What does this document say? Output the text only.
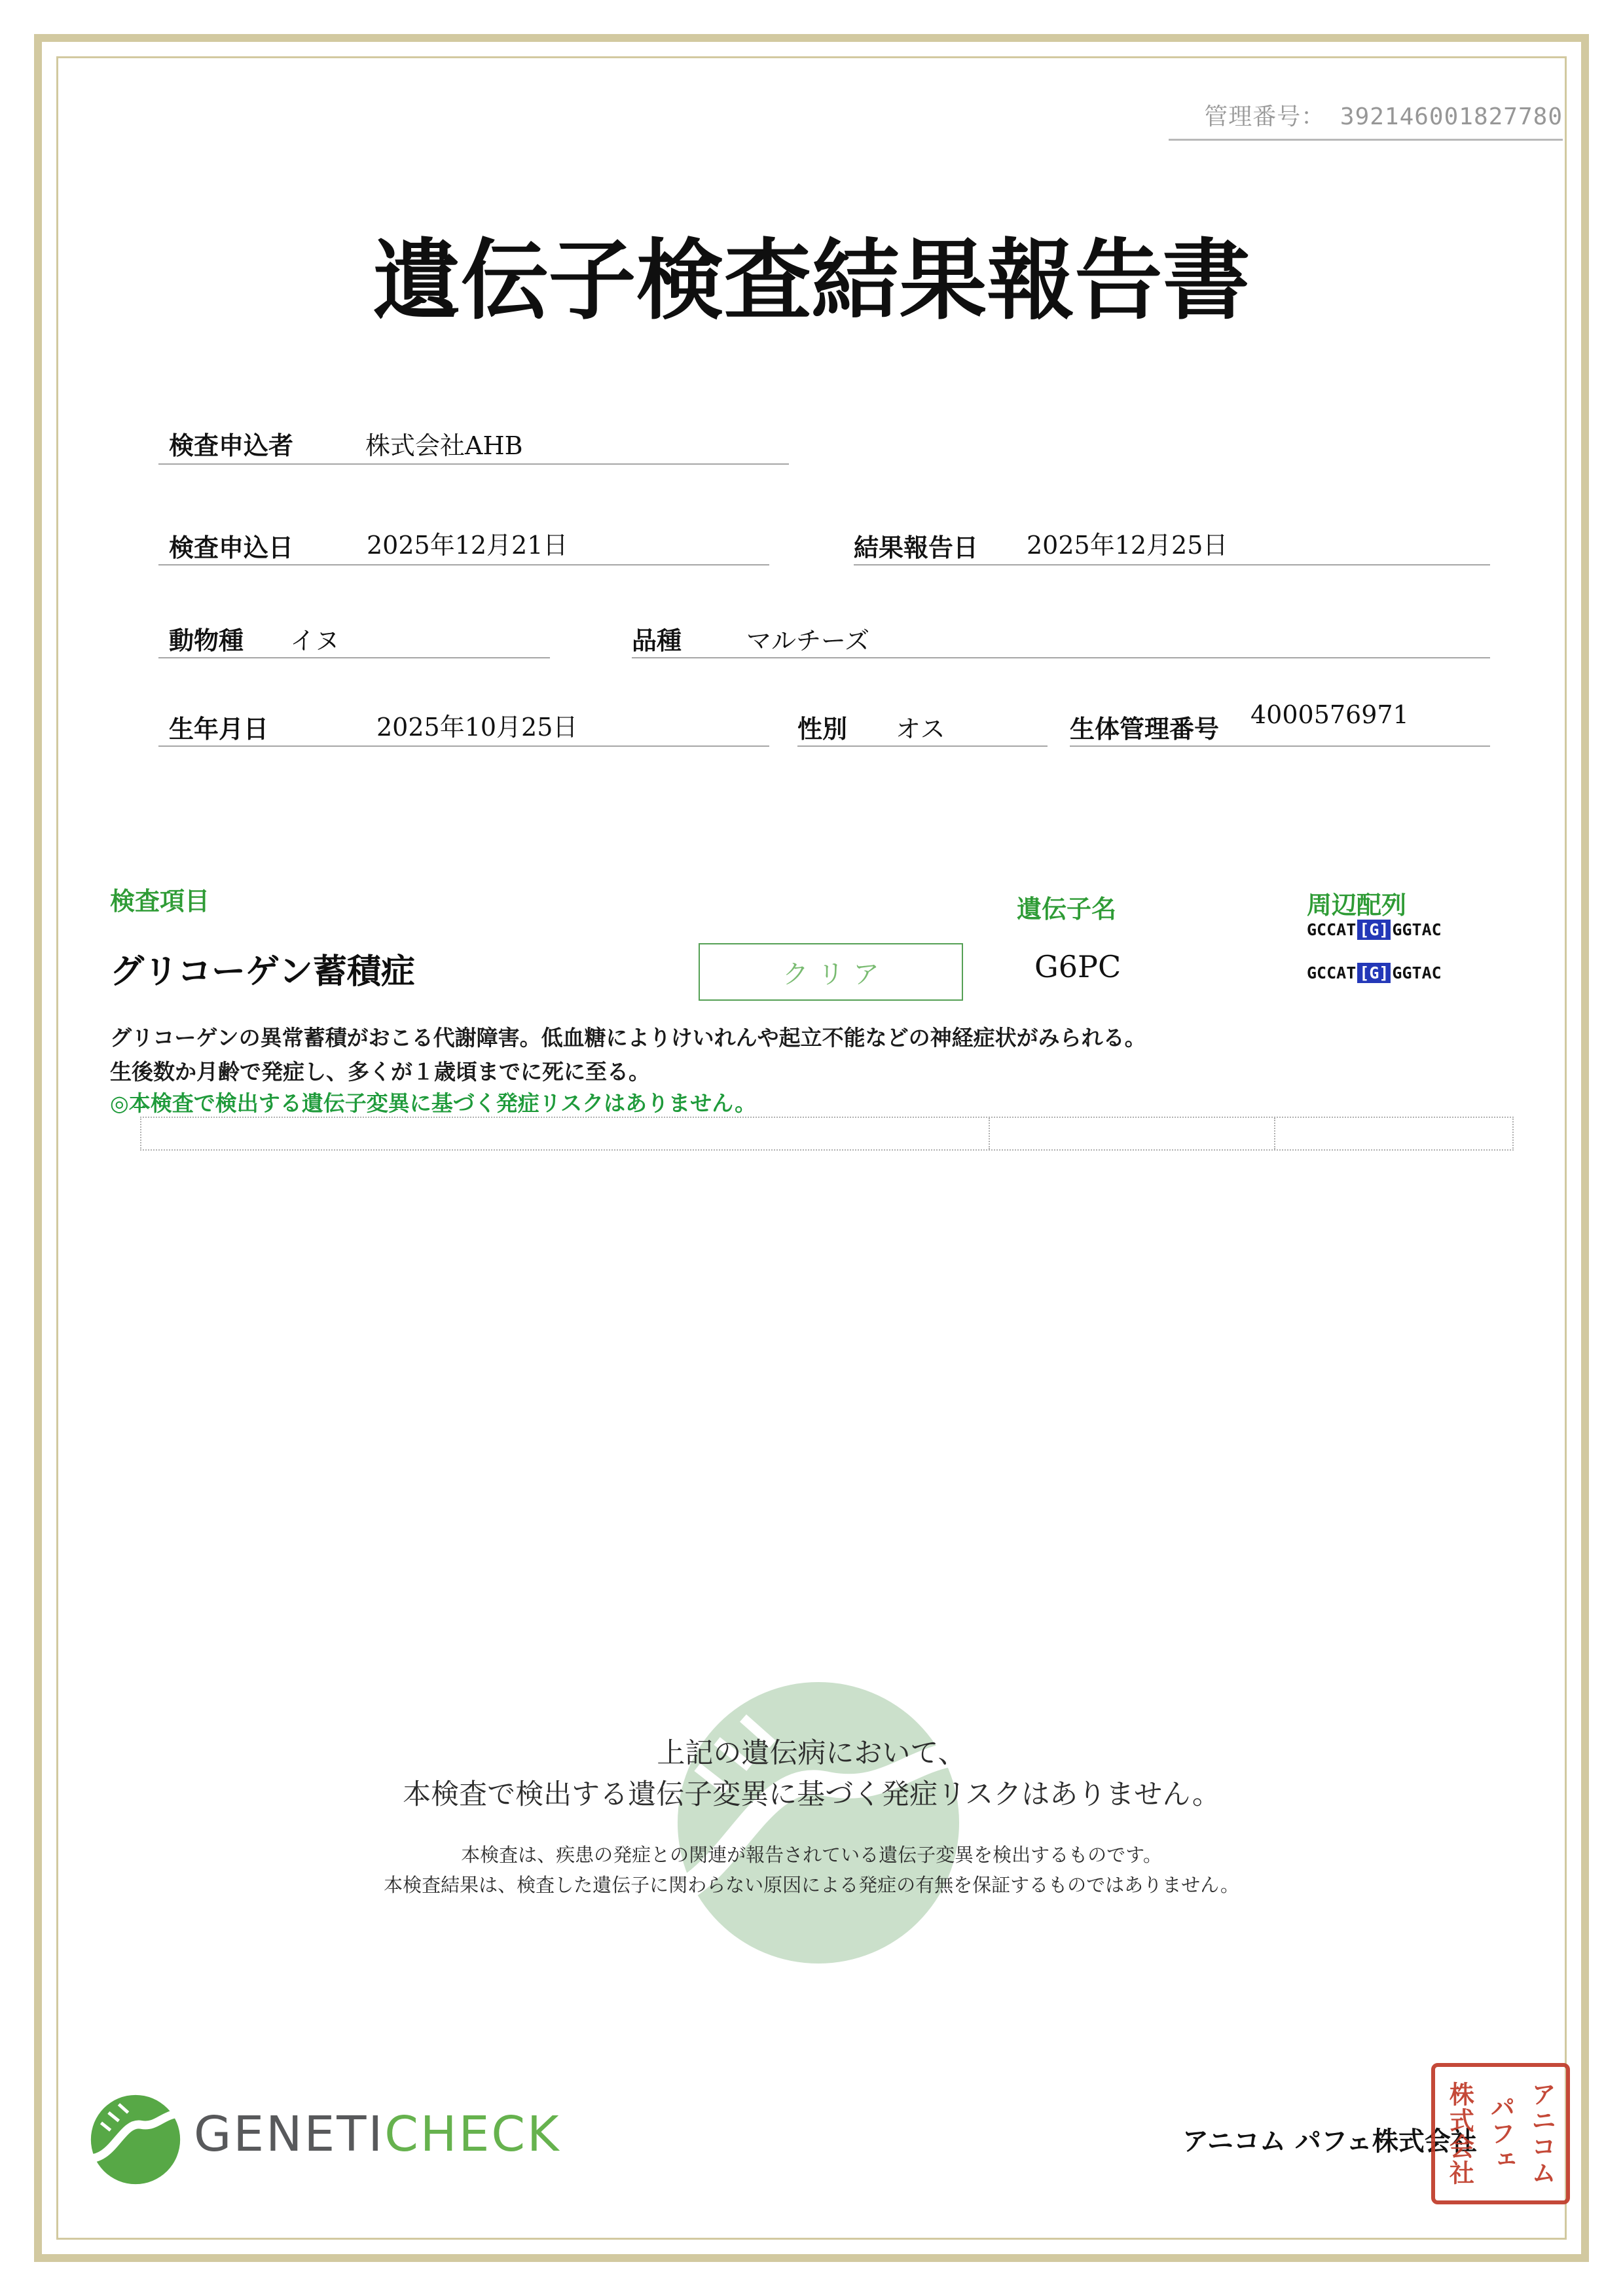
管理番号： 392146001827780
遺伝子検査結果報告書
検査申込者	株式会社AHB
検査申込日	2025年12月21日	結果報告日 2025年12月25日
動物種 イヌ	品種	マルチーズ
生年月日	2025年10月25日	性別 オス	生体管理番号 4000576971
検査項目	遺伝子名	周辺配列
グリコーゲン蓄積症	クリア	G6PC
GCCAT [G] GGTAC
GCCAT [G] GGTAC
グリコーゲンの異常蓄積がおこる代謝障害。低血糖によりけいれんや起立不能などの神経症状がみられる。
生後数か月齢で発症し、多くが１歳頃までに死に至る。
◎本検査で検出する遺伝子変異に基づく発症リスクはありません。
上記の遺伝病において、
本検査で検出する遺伝子変異に基づく発症リスクはありません。
本検査は、疾患の発症との関連が報告されている遺伝子変異を検出するものです。
本検査結果は、検査した遺伝子に関わらない原因による発症の有無を保証するものではありません。
GENETICHECK	アニコム パフェ株式会社 アニコム
パフェ
株式会社
